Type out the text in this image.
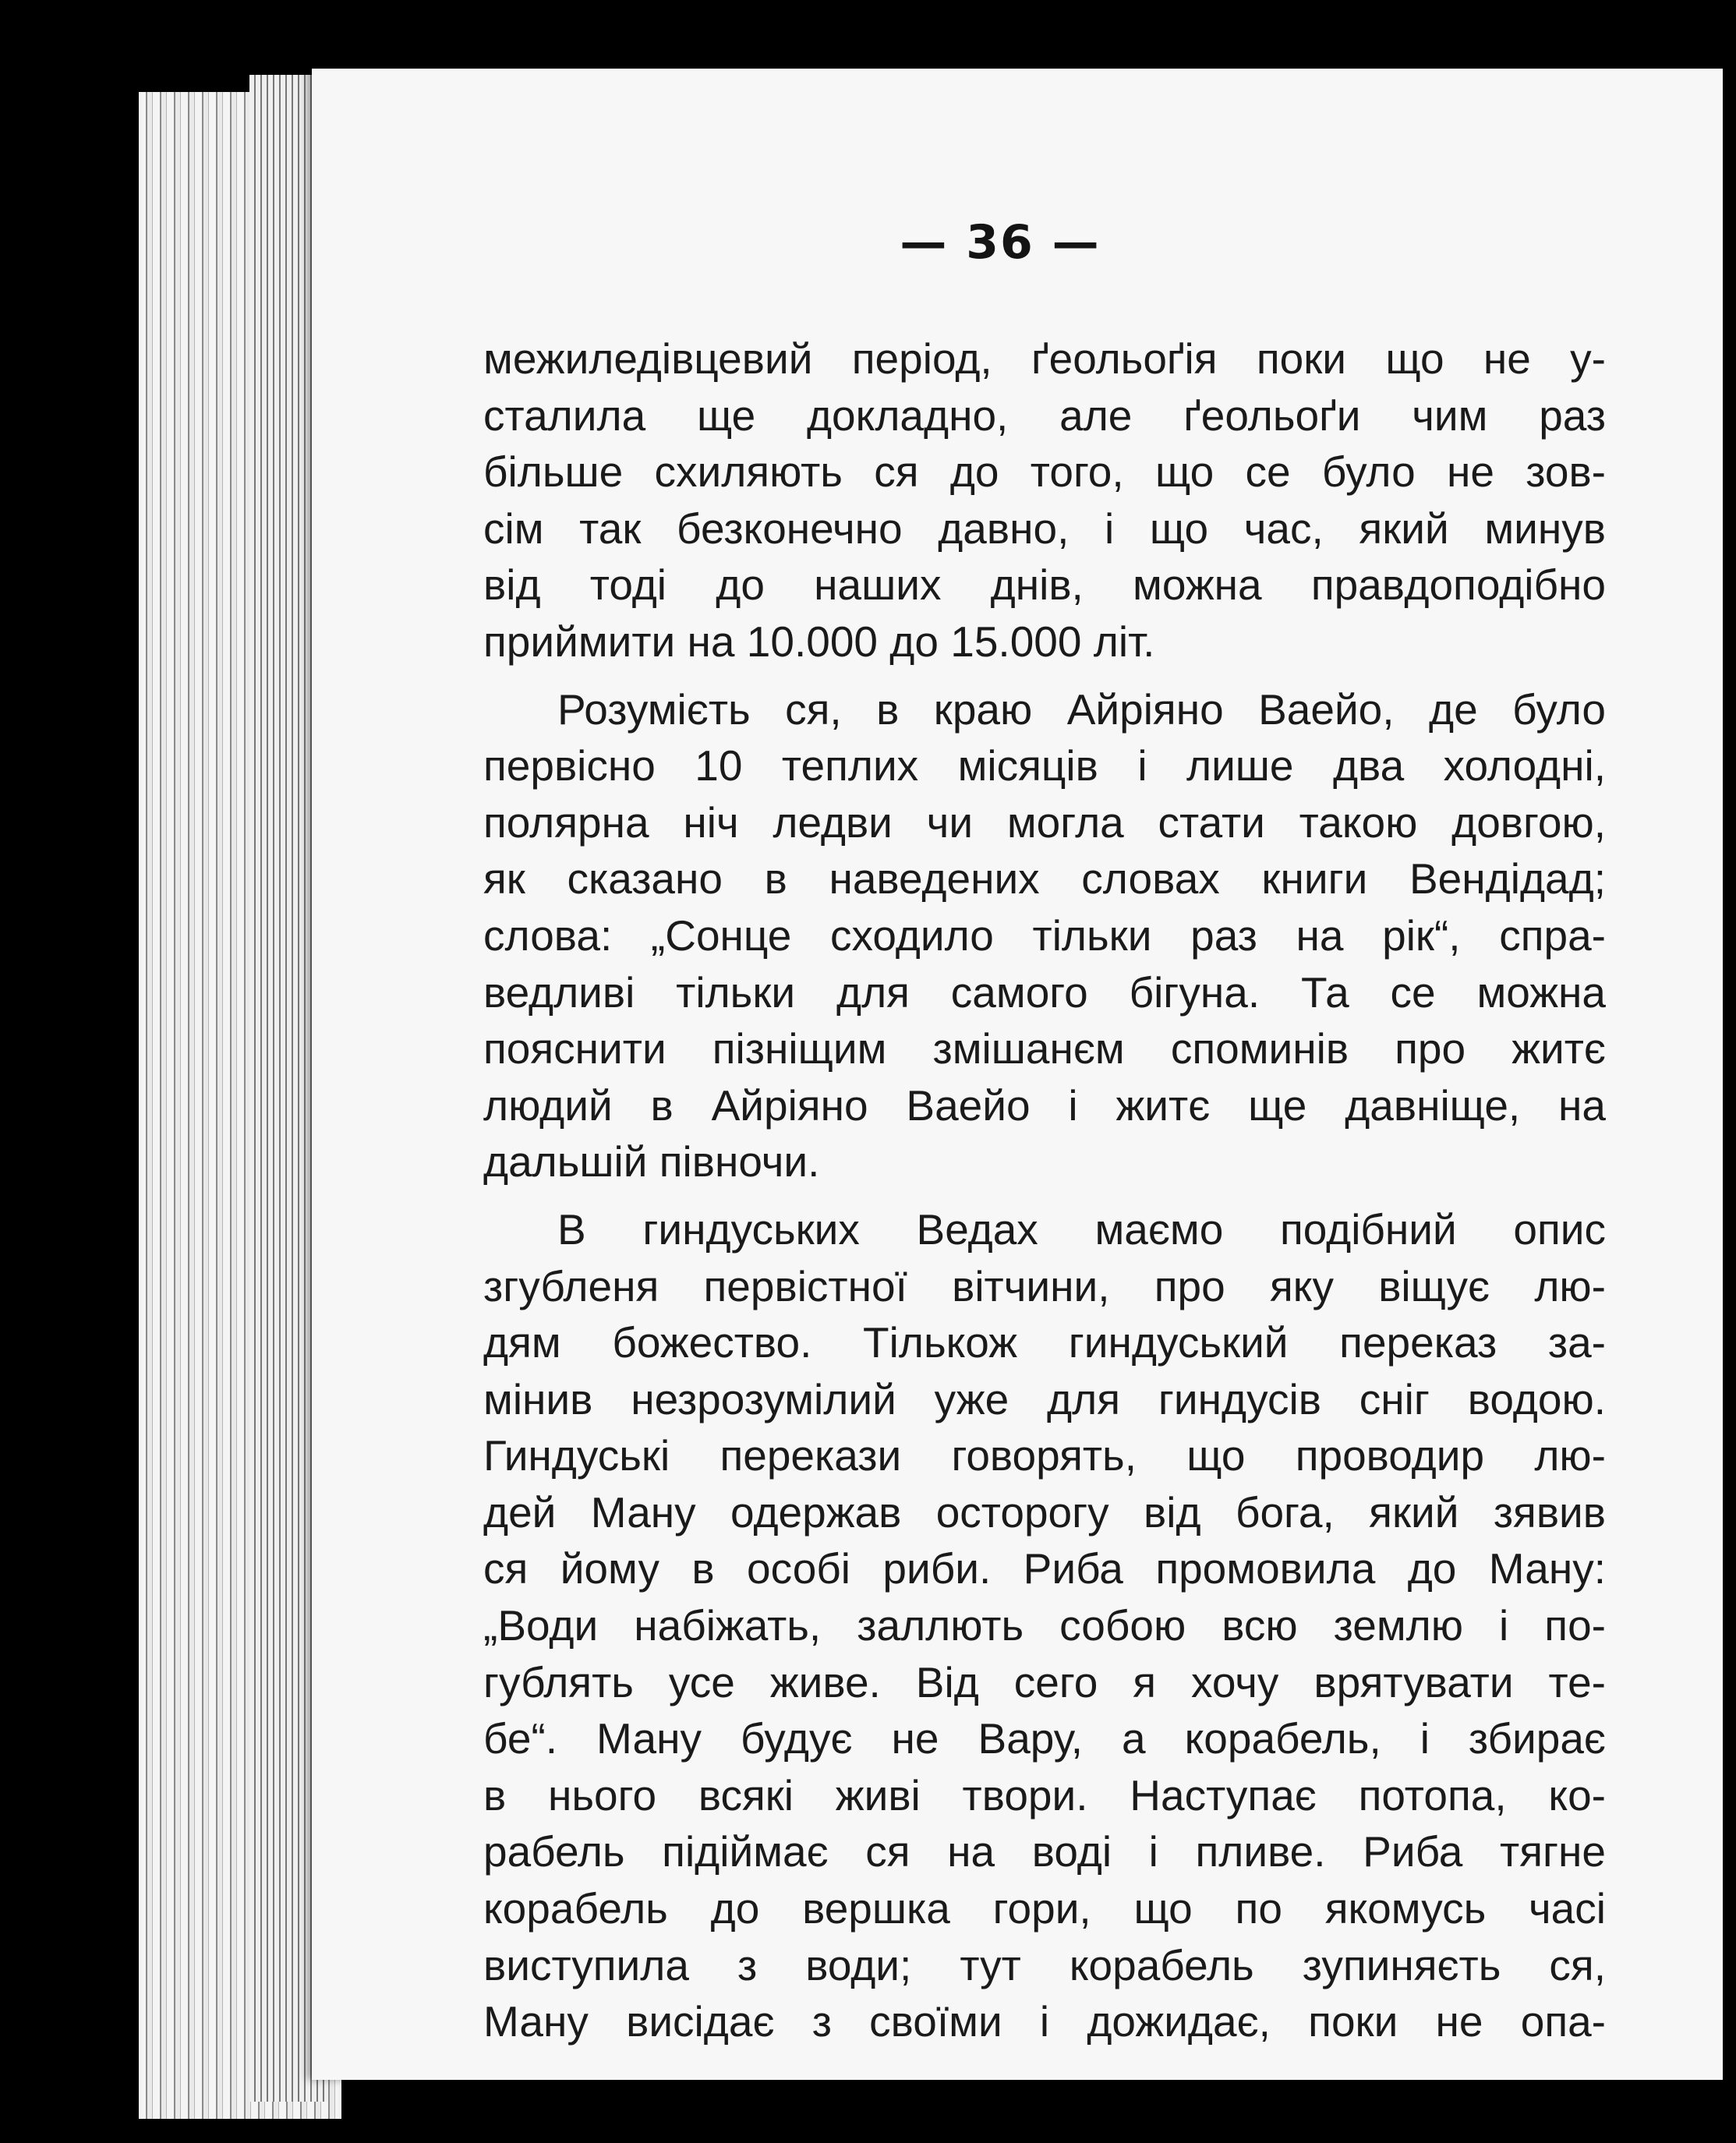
— 36 —

межиледівцевий період, ґеольоґія поки що не у-
сталила ще докладно, але ґеольоґи чим раз
більше схиляють ся до того, що се було не зов-
сім так безконечно давно, і що час, який минув
від тоді до наших днів, можна правдоподібно
приймити на 10.000 до 15.000 літ.
Розумієть ся, в краю Айріяно Ваейо, де було
первісно 10 теплих місяців і лише два холодні,
полярна ніч ледви чи могла стати такою довгою,
як сказано в наведених словах книги Вендідад;
слова: „Сонце сходило тільки раз на рік“, спра-
ведливі тільки для самого бігуна. Та се можна
пояснити пізніщим змішанєм споминів про житє
людий в Айріяно Ваейо і житє ще давніще, на
дальшій півночи.
В гиндуських Ведах маємо подібний опис
згубленя первістної вітчини, про яку віщує лю-
дям божество. Тількож гиндуський переказ за-
мінив незрозумілий уже для гиндусів сніг водою.
Гиндуські перекази говорять, що проводир лю-
дей Ману одержав осторогу від бога, який зявив
ся йому в особі риби. Риба промовила до Ману:
„Води набіжать, заллють собою всю землю і по-
гублять усе живе. Від сего я хочу врятувати те-
бе“. Ману будує не Вару, а корабель, і збирає
в нього всякі живі твори. Наступає потопа, ко-
рабель підіймає ся на воді і пливе. Риба тягне
корабель до вершка гори, що по якомусь часі
виступила з води; тут корабель зупиняєть ся,
Ману висідає з своїми і дожидає, поки не опа-
